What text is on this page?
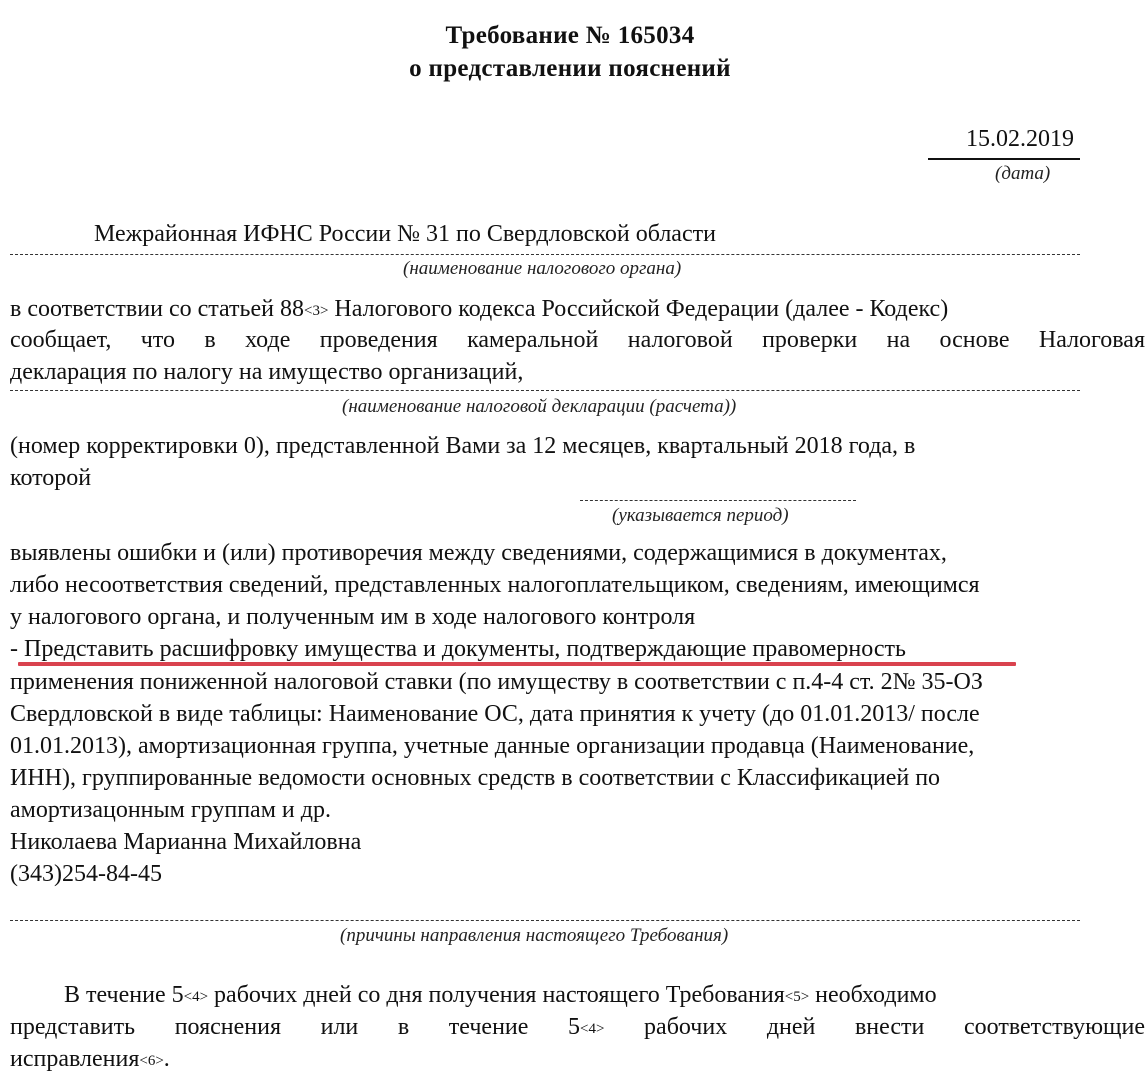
Требование № 165034
о представлении пояснений
15.02.2019
(дата)
Межрайонная ИФНС России № 31 по Свердловской области
(наименование налогового органа)
в соответствии со статьей 88<3> Налогового кодекса Российской Федерации (далее - Кодекс)
сообщает, что в ходе проведения камеральной налоговой проверки на основе Налоговая
декларация по налогу на имущество организаций,
(наименование налоговой декларации (расчета))
(номер корректировки 0), представленной Вами за 12 месяцев, квартальный 2018 года, в
которой
(указывается период)
выявлены ошибки и (или) противоречия между сведениями, содержащимися в документах,
либо несоответствия сведений, представленных налогоплательщиком, сведениям, имеющимся
у налогового органа, и полученным им в ходе налогового контроля
- Представить расшифровку имущества и документы, подтверждающие правомерность
применения пониженной налоговой ставки (по имуществу в соответствии с п.4-4 ст. 2№ 35-ОЗ
Свердловской в виде таблицы: Наименование ОС, дата принятия к учету (до 01.01.2013/ после
01.01.2013), амортизационная группа, учетные данные организации продавца (Наименование,
ИНН), группированные ведомости основных средств в соответствии с Классификацией по
амортизацонным группам и др.
Николаева Марианна Михайловна
(343)254-84-45
(причины направления настоящего Требования)
В течение 5<4> рабочих дней со дня получения настоящего Требования<5> необходимо
представить пояснения или в течение 5<4> рабочих дней внести соответствующие
исправления<6>.
